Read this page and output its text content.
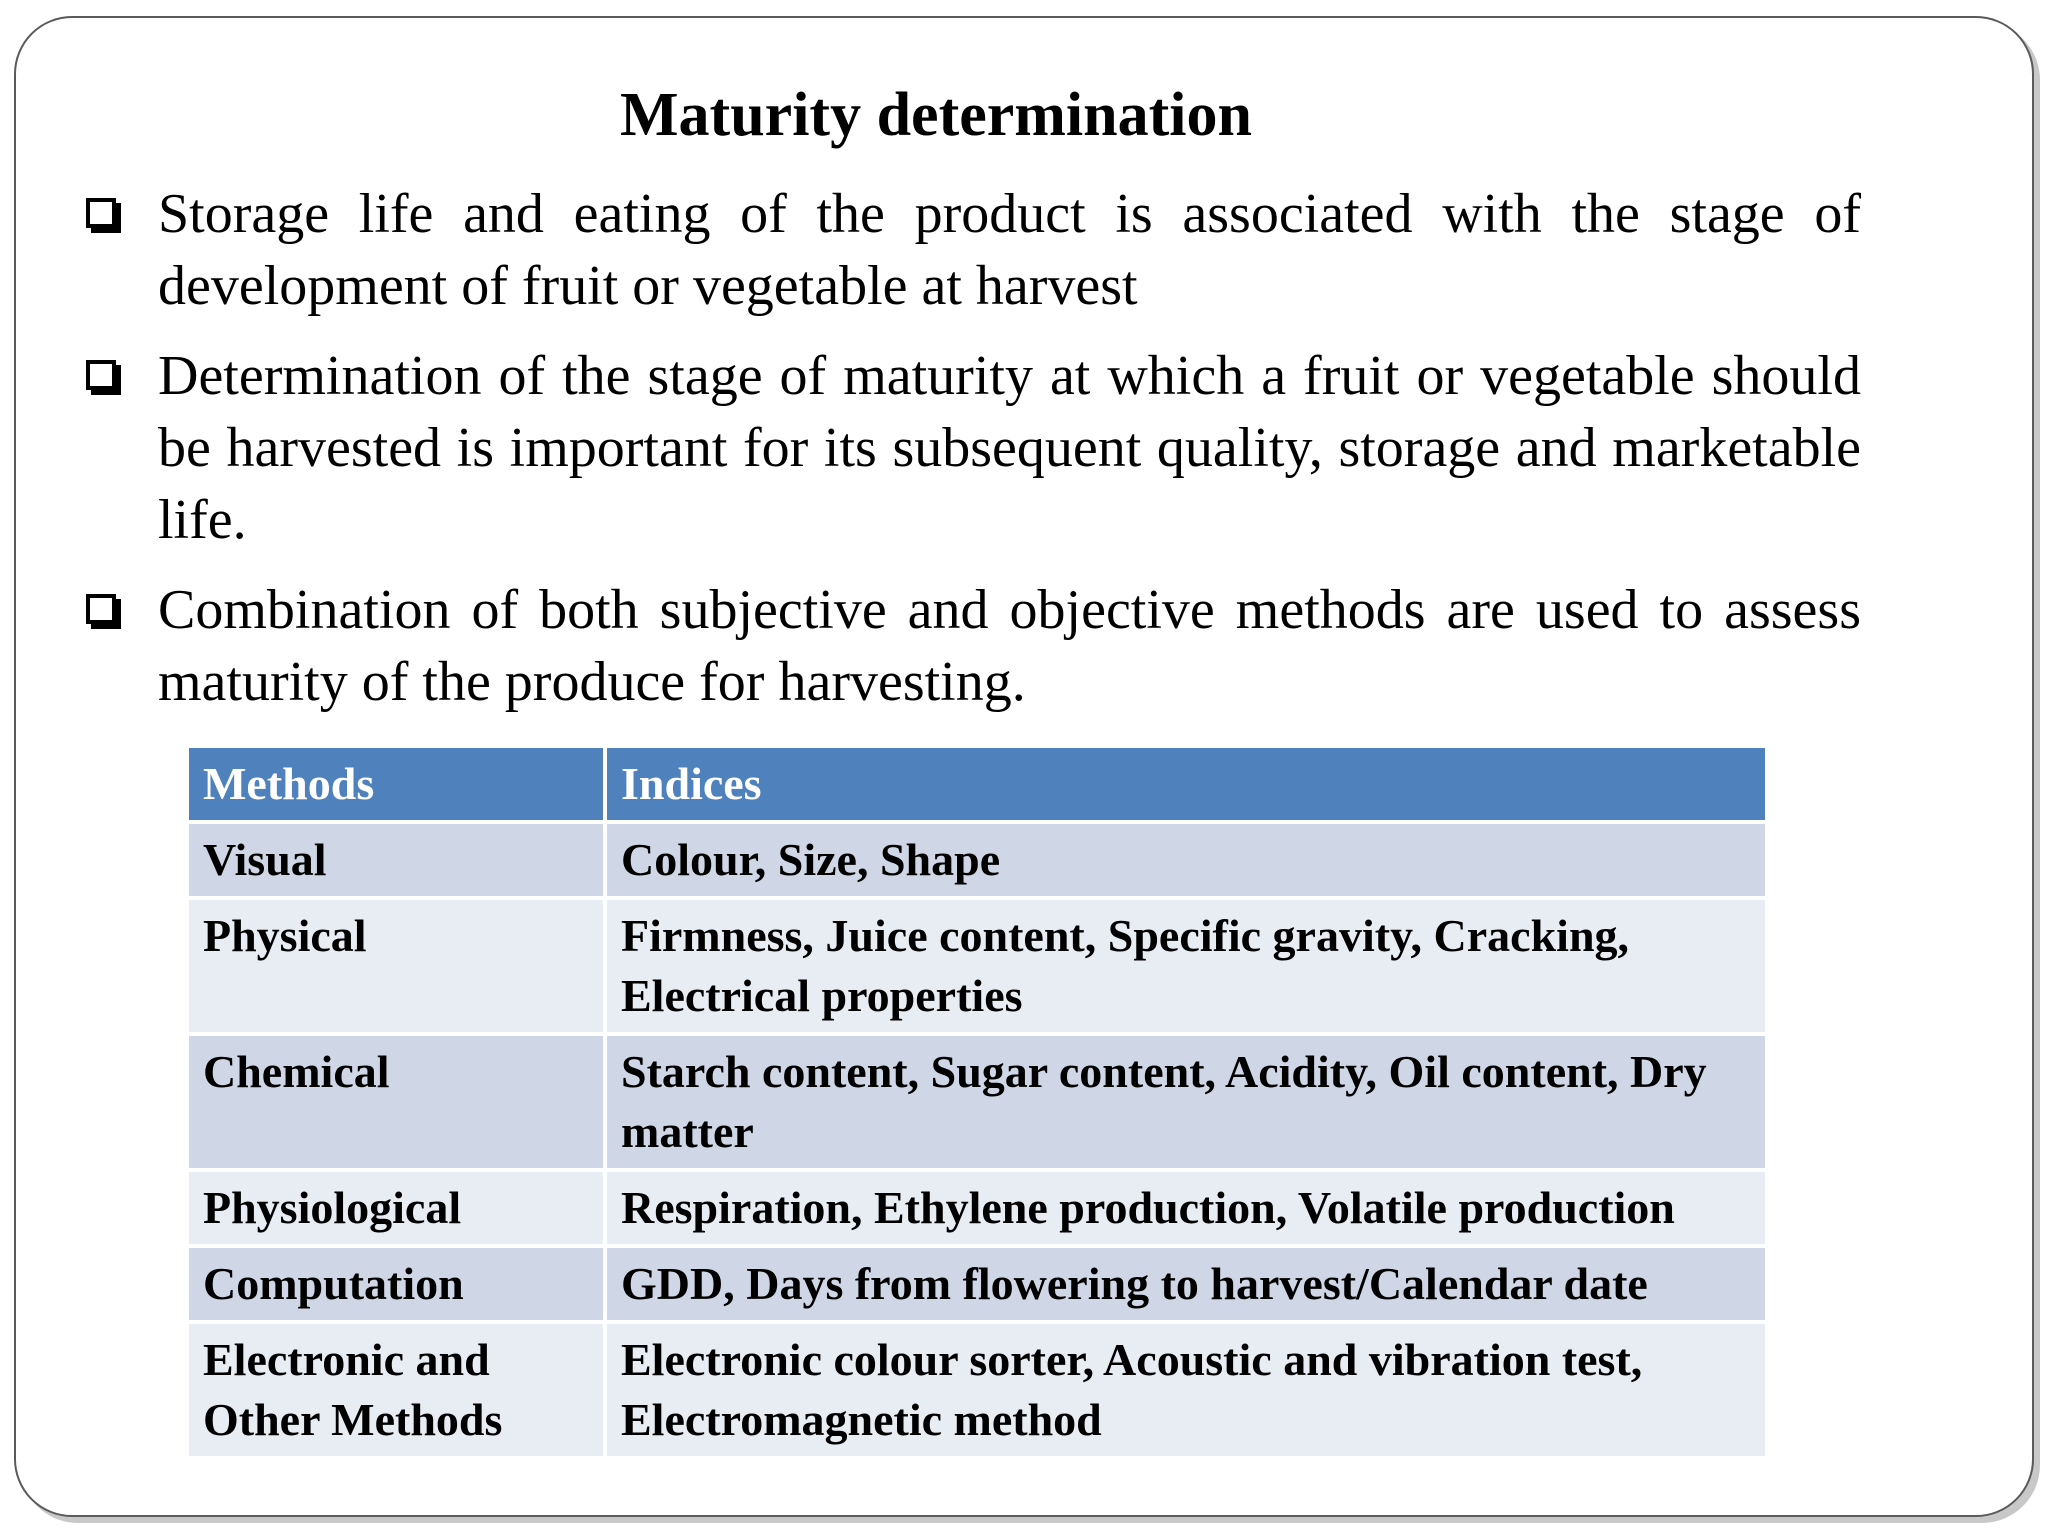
Maturity determination
Storage life and eating of the product is associated with the stage of development of fruit or vegetable at harvest
Determination of the stage of maturity at which a fruit or vegetable should be harvested is important for its subsequent quality, storage and marketable life.
Combination of both subjective and objective methods are used to assess maturity of the produce for harvesting.
Methods	Indices
Visual	Colour, Size, Shape
Physical	Firmness, Juice content, Specific gravity, Cracking, Electrical properties
Chemical	Starch content, Sugar content, Acidity, Oil content, Dry matter
Physiological	Respiration, Ethylene production, Volatile production
Computation	GDD, Days from flowering to harvest/Calendar date
Electronic and Other Methods	Electronic colour sorter, Acoustic and vibration test, Electromagnetic method
